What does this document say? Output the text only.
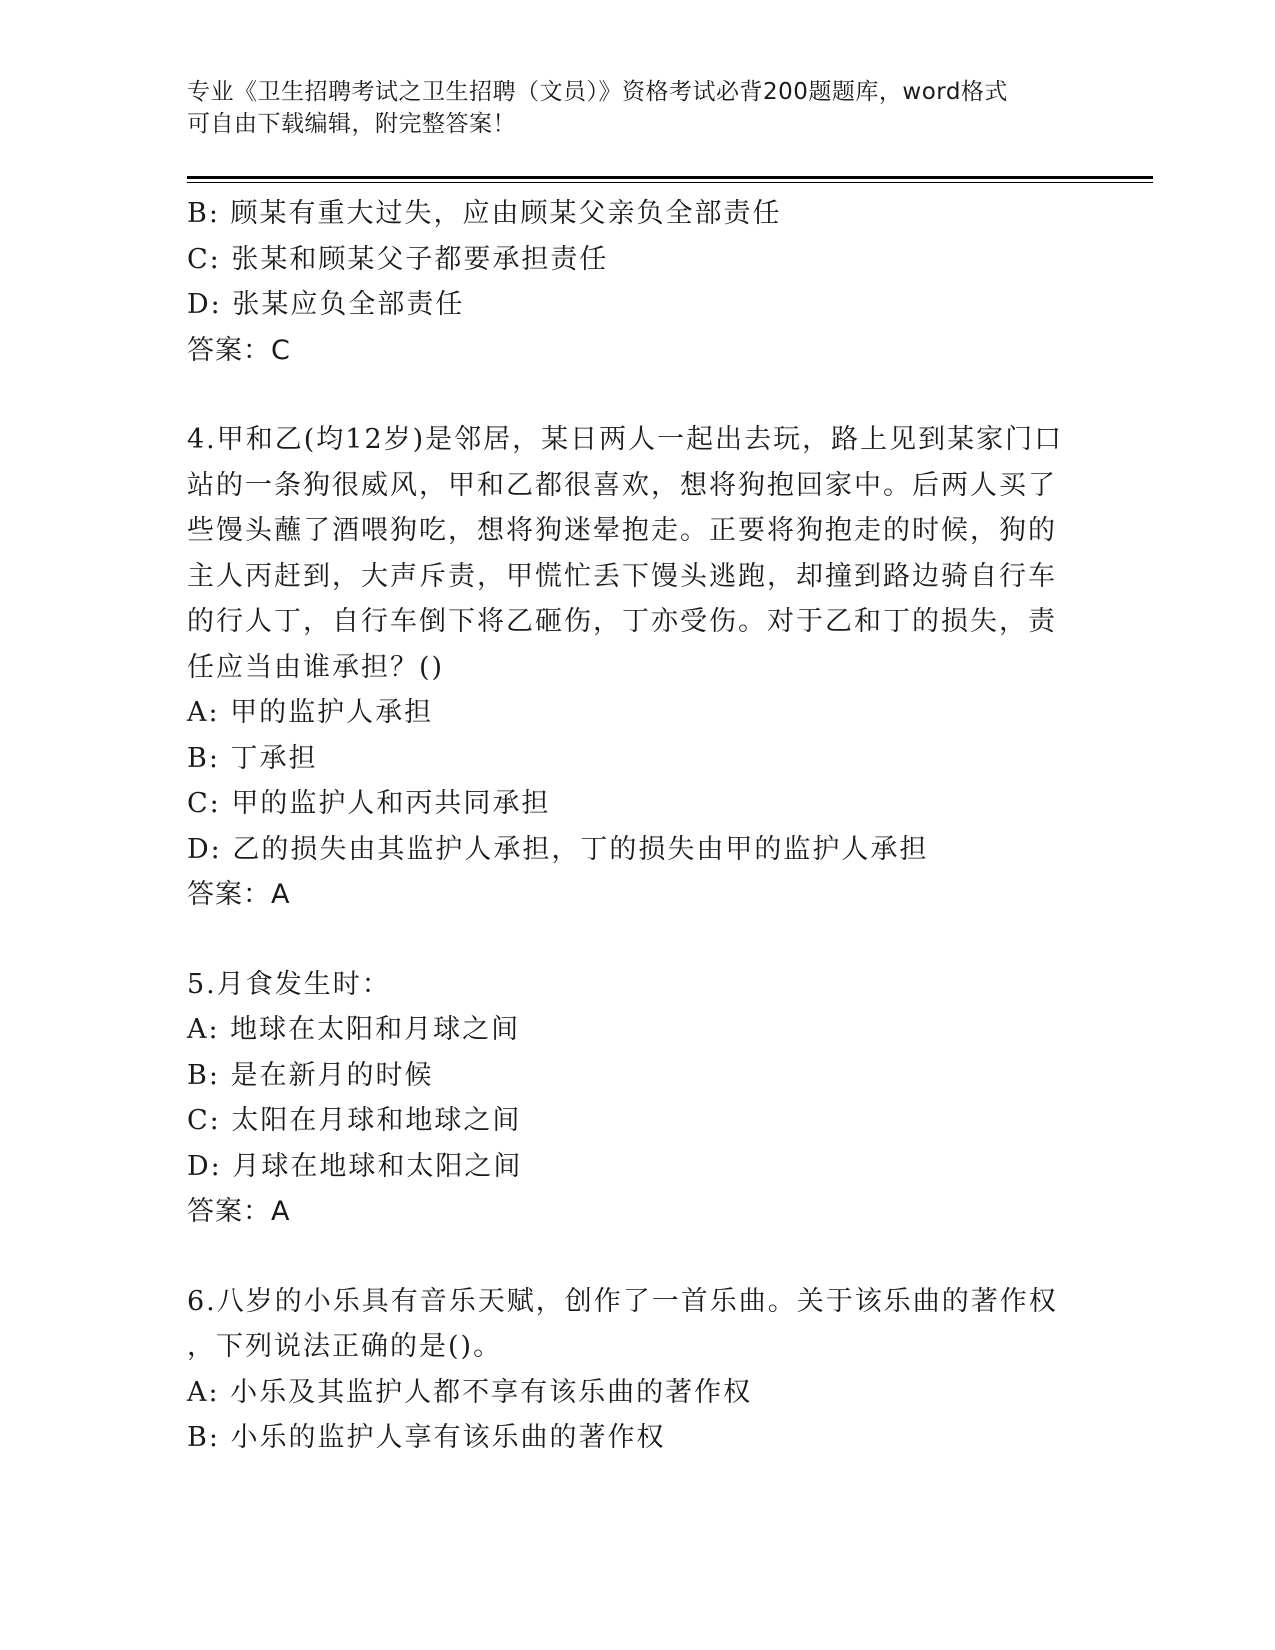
专业《卫生招聘考试之卫生招聘（文员）》资格考试必背200题题库，word格式
可自由下载编辑，附完整答案！
B: 顾某有重大过失，应由顾某父亲负全部责任
C: 张某和顾某父子都要承担责任
D: 张某应负全部责任
答案：C
4.甲和乙(均12岁)是邻居，某日两人一起出去玩，路上见到某家门口
站的一条狗很威风，甲和乙都很喜欢，想将狗抱回家中。后两人买了
些馒头蘸了酒喂狗吃，想将狗迷晕抱走。正要将狗抱走的时候，狗的
主人丙赶到，大声斥责，甲慌忙丢下馒头逃跑，却撞到路边骑自行车
的行人丁，自行车倒下将乙砸伤，丁亦受伤。对于乙和丁的损失，责
任应当由谁承担？()
A: 甲的监护人承担
B: 丁承担
C: 甲的监护人和丙共同承担
D: 乙的损失由其监护人承担，丁的损失由甲的监护人承担
答案：A
5.月食发生时：
A: 地球在太阳和月球之间
B: 是在新月的时候
C: 太阳在月球和地球之间
D: 月球在地球和太阳之间
答案：A
6.八岁的小乐具有音乐天赋，创作了一首乐曲。关于该乐曲的著作权
，下列说法正确的是()。
A: 小乐及其监护人都不享有该乐曲的著作权
B: 小乐的监护人享有该乐曲的著作权
